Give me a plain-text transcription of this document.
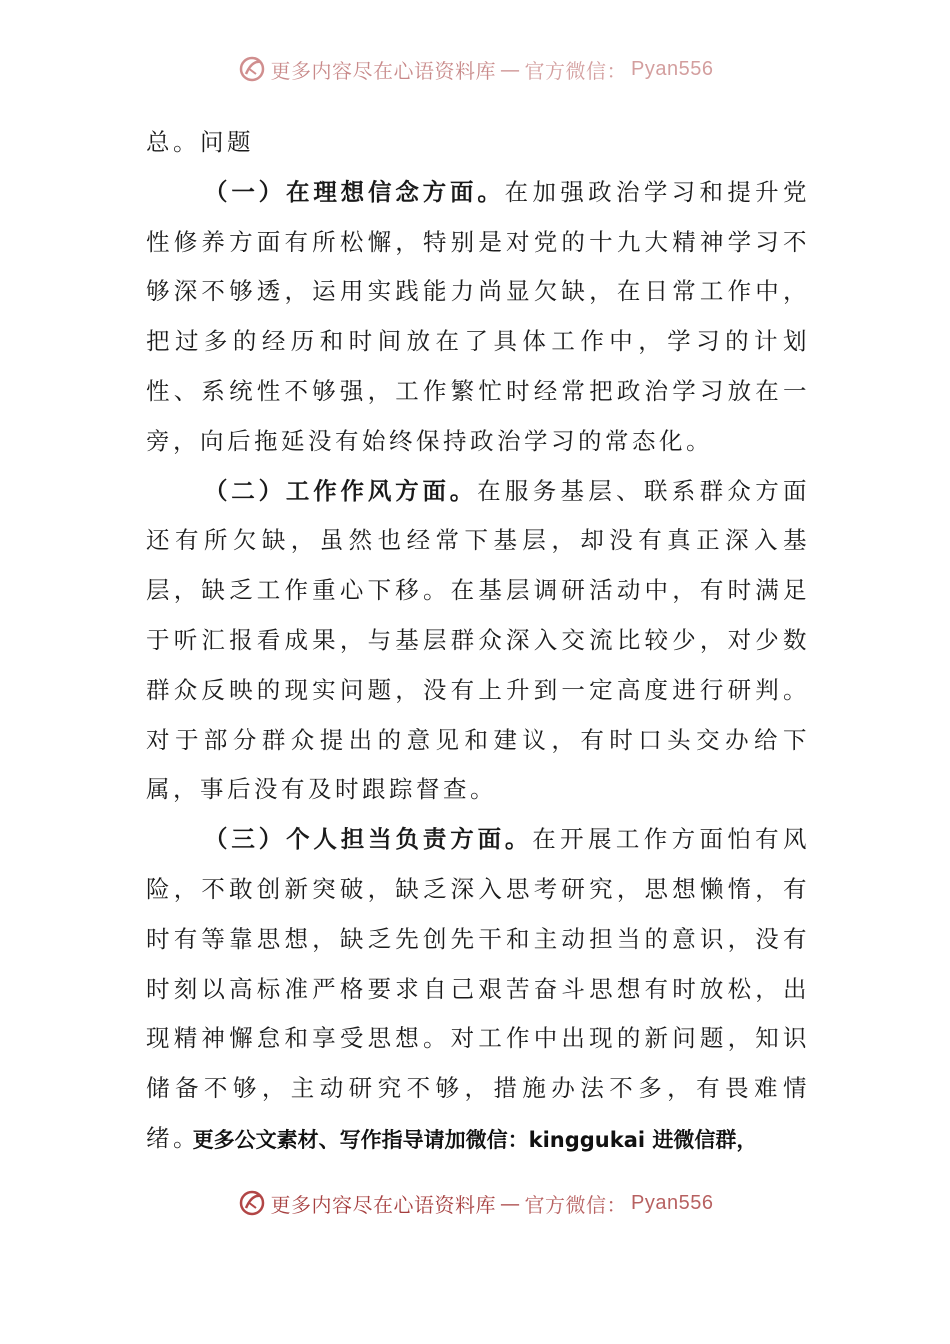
更多内容尽在心语资料库 — 官方微信： Pyan556

总。问题

（一）在理想信念方面。在加强政治学习和提升党性修养方面有所松懈，特别是对党的十九大精神学习不够深不够透，运用实践能力尚显欠缺，在日常工作中，把过多的经历和时间放在了具体工作中，学习的计划性、系统性不够强，工作繁忙时经常把政治学习放在一旁，向后拖延没有始终保持政治学习的常态化。

（二）工作作风方面。在服务基层、联系群众方面还有所欠缺，虽然也经常下基层，却没有真正深入基层，缺乏工作重心下移。在基层调研活动中，有时满足于听汇报看成果，与基层群众深入交流比较少，对少数群众反映的现实问题，没有上升到一定高度进行研判。对于部分群众提出的意见和建议，有时口头交办给下属，事后没有及时跟踪督查。

（三）个人担当负责方面。在开展工作方面怕有风险，不敢创新突破，缺乏深入思考研究，思想懒惰，有时有等靠思想，缺乏先创先干和主动担当的意识，没有时刻以高标准严格要求自己艰苦奋斗思想有时放松，出现精神懈怠和享受思想。对工作中出现的新问题，知识储备不够，主动研究不够，措施办法不多，有畏难情绪。

更多公文素材、写作指导请加微信：kinggukai 进微信群，
更多内容尽在心语资料库 — 官方微信： Pyan556
